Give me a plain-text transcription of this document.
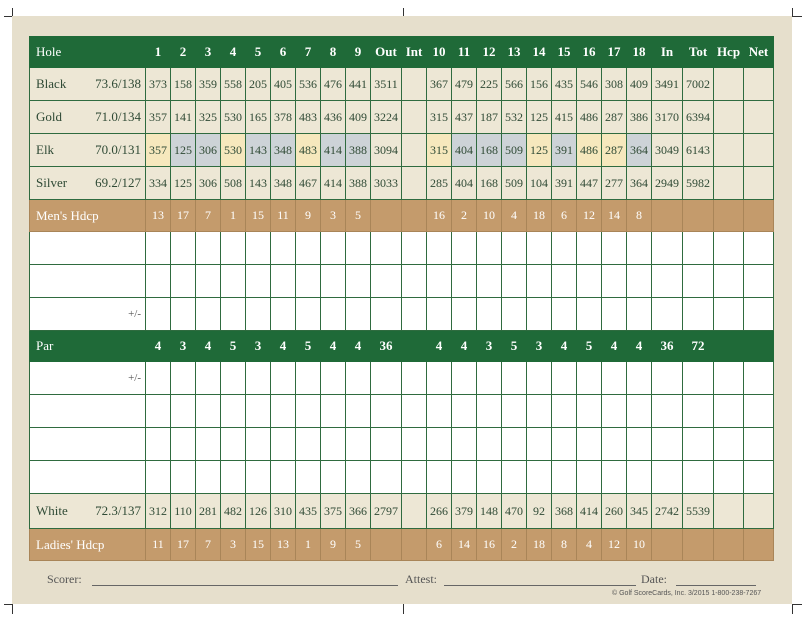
Hole	1	2	3	4	5	6	7	8	9	Out	Int	10	11	12	13	14	15	16	17	18	In	Tot	Hcp	Net
Black 73.6/138	373	158	359	558	205	405	536	476	441	3511		367	479	225	566	156	435	546	308	409	3491	7002		
Gold 71.0/134	357	141	325	530	165	378	483	436	409	3224		315	437	187	532	125	415	486	287	386	3170	6394		
Elk 70.0/131	357	125	306	530	143	348	483	414	388	3094		315	404	168	509	125	391	486	287	364	3049	6143		
Silver 69.2/127	334	125	306	508	143	348	467	414	388	3033		285	404	168	509	104	391	447	277	364	2949	5982		
Men's Hdcp	13	17	7	1	15	11	9	3	5			16	2	10	4	18	6	12	14	8				

+/-																								
Par	4	3	4	5	3	4	5	4	4	36		4	4	3	5	3	4	5	4	4	36	72		
+/-																								

White 72.3/137	312	110	281	482	126	310	435	375	366	2797		266	379	148	470	92	368	414	260	345	2742	5539		
Ladies' Hdcp	11	17	7	3	15	13	1	9	5			6	14	16	2	18	8	4	12	10				
Scorer:	Attest:	Date:
© Golf ScoreCards, Inc. 3/2015 1-800-238-7267
